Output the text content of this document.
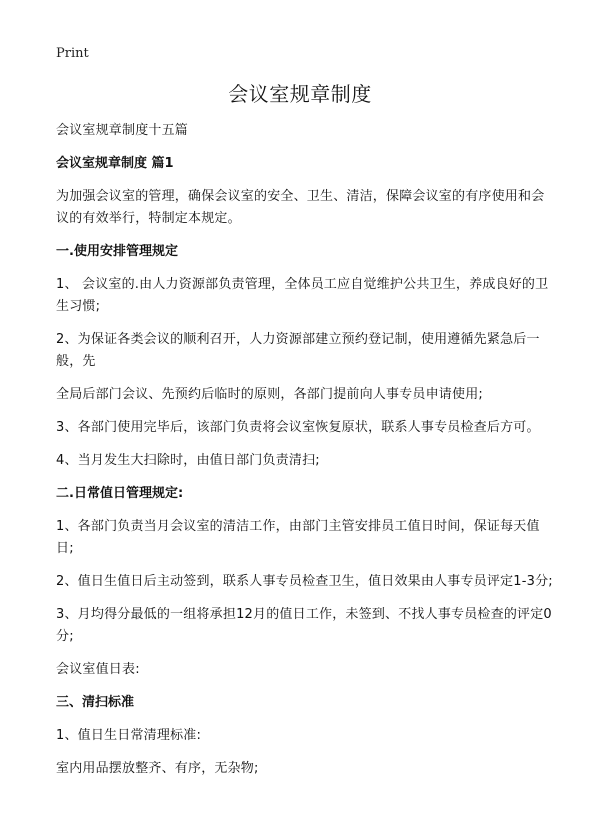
Print
会议室规章制度

会议室规章制度十五篇

会议室规章制度 篇1

为加强会议室的管理，确保会议室的安全、卫生、清洁，保障会议室的有序使用和会议的有效举行，特制定本规定。

一.使用安排管理规定

1、 会议室的.由人力资源部负责管理，全体员工应自觉维护公共卫生，养成良好的卫生习惯;

2、为保证各类会议的顺利召开，人力资源部建立预约登记制，使用遵循先紧急后一般，先

全局后部门会议、先预约后临时的原则，各部门提前向人事专员申请使用;

3、各部门使用完毕后，该部门负责将会议室恢复原状，联系人事专员检查后方可。

4、当月发生大扫除时，由值日部门负责清扫;

二.日常值日管理规定:

1、各部门负责当月会议室的清洁工作，由部门主管安排员工值日时间，保证每天值日;

2、值日生值日后主动签到，联系人事专员检查卫生，值日效果由人事专员评定1-3分;

3、月均得分最低的一组将承担12月的值日工作，未签到、不找人事专员检查的评定0分;

会议室值日表:

三、清扫标准

1、值日生日常清理标准:

室内用品摆放整齐、有序，无杂物;
